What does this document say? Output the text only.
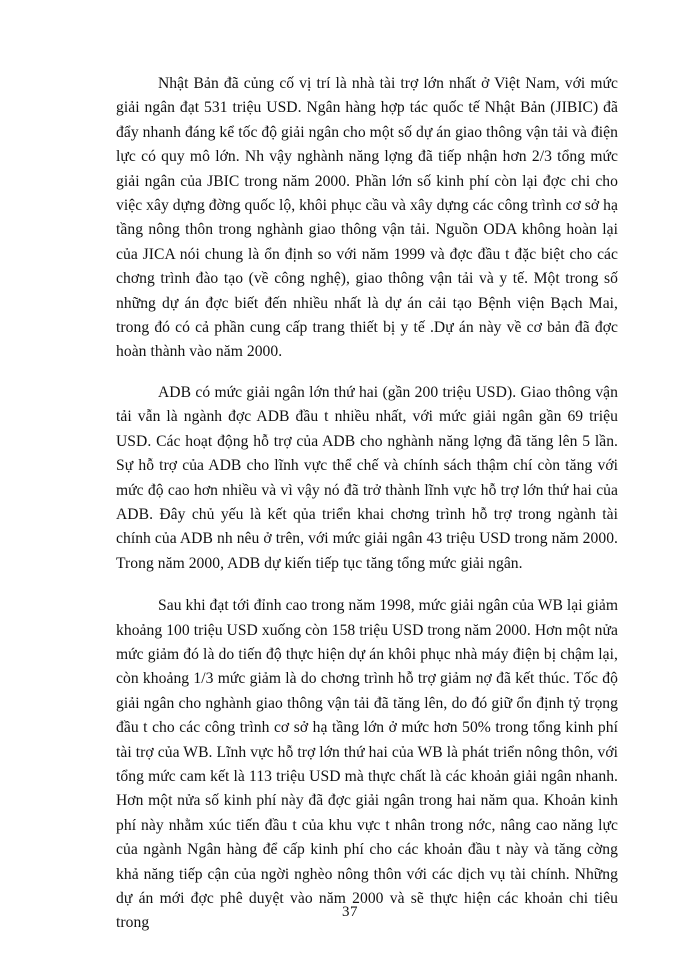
Nhật Bản đã củng cố vị trí là nhà tài trợ lớn nhất ở Việt Nam, với mức giải ngân đạt 531 triệu USD. Ngân hàng hợp tác quốc tế Nhật Bản (JIBIC) đã đẩy nhanh đáng kể tốc độ giải ngân cho một số dự án giao thông vận tải và điện lực có quy mô lớn. Nh vậy nghành năng lợng đã tiếp nhận hơn 2/3 tổng mức giải ngân của JBIC trong năm 2000. Phần lớn số kinh phí còn lại đợc chi cho việc xây dựng đờng quốc lộ, khôi phục cầu và xây dựng các công trình cơ sở hạ tầng nông thôn trong nghành giao thông vận tải. Nguồn ODA không hoàn lại của JICA nói chung là ổn định so với năm 1999 và đợc đầu t đặc biệt cho các chơng trình đào tạo (về công nghệ), giao thông vận tải và y tế. Một trong số những dự án đợc biết đến nhiều nhất là dự án cải tạo Bệnh viện Bạch Mai, trong đó có cả phần cung cấp trang thiết bị y tế .Dự án này về cơ bản đã đợc hoàn thành vào năm 2000.

ADB có mức giải ngân lớn thứ hai (gần 200 triệu USD). Giao thông vận tải vẫn là ngành đợc ADB đầu t nhiều nhất, với mức giải ngân gần 69 triệu USD. Các hoạt động hỗ trợ của ADB cho nghành năng lợng đã tăng lên 5 lần. Sự hỗ trợ của ADB cho lĩnh vực thể chế và chính sách thậm chí còn tăng với mức độ cao hơn nhiều và vì vậy nó đã trở thành lĩnh vực hỗ trợ lớn thứ hai của ADB. Đây chủ yếu là kết qủa triển khai chơng trình hỗ trợ trong ngành tài chính của ADB nh nêu ở trên, với mức giải ngân 43 triệu USD trong năm 2000. Trong năm 2000, ADB dự kiến tiếp tục tăng tổng mức giải ngân.

Sau khi đạt tới đỉnh cao trong năm 1998, mức giải ngân của WB lại giảm khoảng 100 triệu USD xuống còn 158 triệu USD trong năm 2000. Hơn một nửa mức giảm đó là do tiến độ thực hiện dự án khôi phục nhà máy điện bị chậm lại, còn khoảng 1/3 mức giảm là do chơng trình hỗ trợ giảm nợ đã kết thúc. Tốc độ giải ngân cho nghành giao thông vận tải đã tăng lên, do đó giữ ổn định tỷ trọng đầu t cho các công trình cơ sở hạ tầng lớn ở mức hơn 50% trong tổng kinh phí tài trợ của WB. Lĩnh vực hỗ trợ lớn thứ hai của WB là phát triển nông thôn, với tổng mức cam kết là 113 triệu USD mà thực chất là các khoản giải ngân nhanh. Hơn một nửa số kinh phí này đã đợc giải ngân trong hai năm qua. Khoản kinh phí này nhằm xúc tiến đầu t của khu vực t nhân trong nớc, nâng cao năng lực của ngành Ngân hàng để cấp kinh phí cho các khoản đầu t này và tăng cờng khả năng tiếp cận của ngời nghèo nông thôn với các dịch vụ tài chính. Những dự án mới đợc phê duyệt vào năm 2000 và sẽ thực hiện các khoản chi tiêu trong

37
